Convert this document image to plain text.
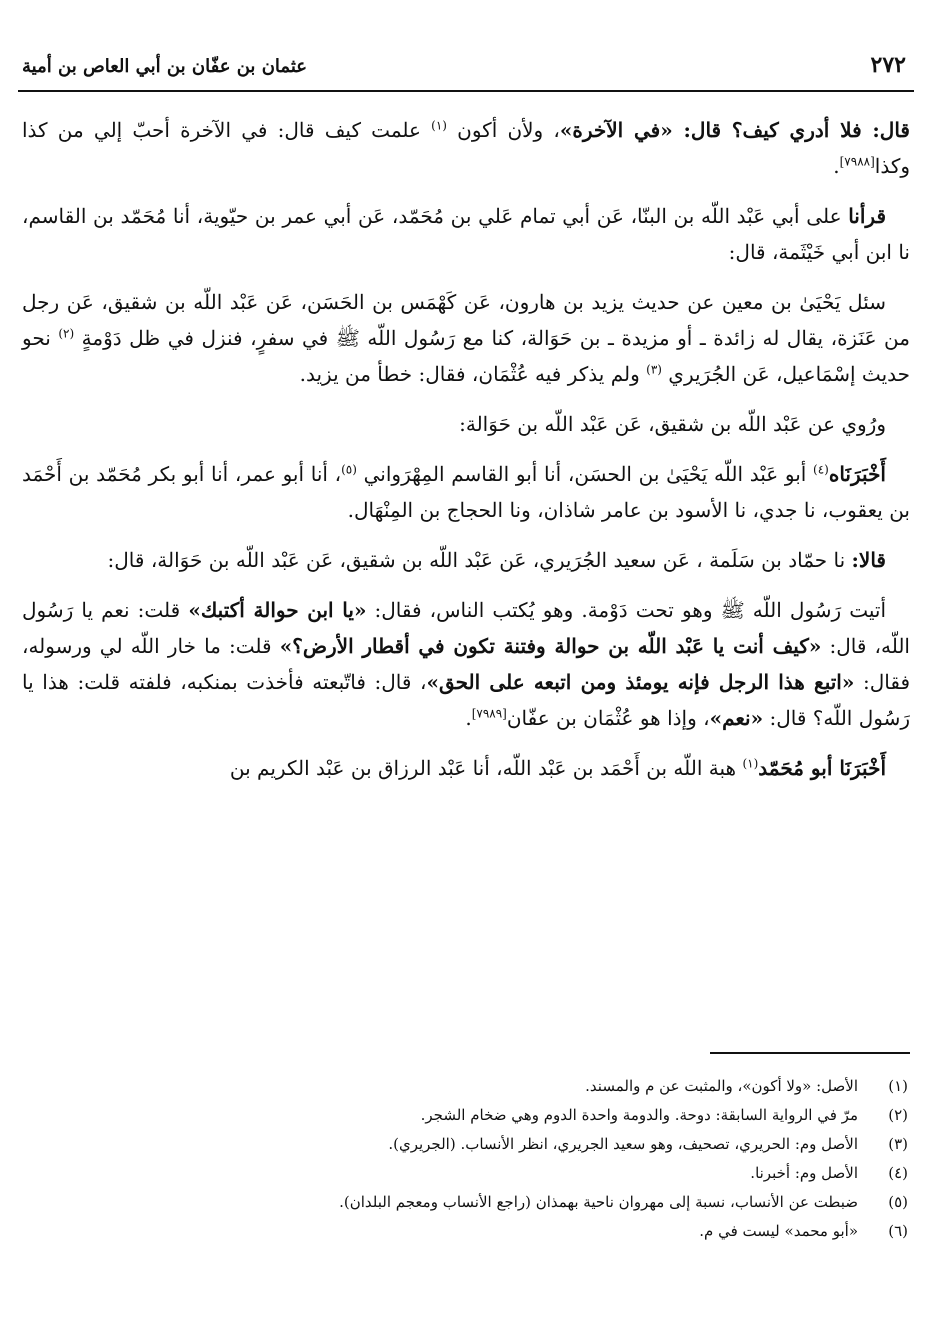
٢٧٢
عثمان بن عفّان بن أبي العاص بن أمية

قال: فلا أدري كيف؟ قال: «في الآخرة»، ولأن أكون $^{(١)}$ علمت كيف قال: في الآخرة أحبّ إلي من كذا وكذا[٧٩٨٨].

قرأنا على أبي عَبْد اللّه بن البنّا، عَن أبي تمام عَلي بن مُحَمّد، عَن أبي عمر بن حيّوية، أنا مُحَمّد بن القاسم، نا ابن أبي خَيْثَمة، قال:

سئل يَحْيَىٰ بن معين عن حديث يزيد بن هارون، عَن كَهْمَس بن الحَسَن، عَن عَبْد اللّه بن شقيق، عَن رجل من عَنَزة، يقال له زائدة ـ أو مزيدة ـ بن حَوَالة، كنا مع رَسُول اللّه ﷺ في سفرٍ، فنزل في ظل دَوْمةٍ $^{(٢)}$ نحو حديث إسْمَاعيل، عَن الجُرَيري $^{(٣)}$ ولم يذكر فيه عُثْمَان، فقال: خطأ من يزيد.

ورُوي عن عَبْد اللّه بن شقيق، عَن عَبْد اللّه بن حَوَالة:

أَخْبَرَنَاه$^{(٤)}$ أبو عَبْد اللّه يَحْيَىٰ بن الحسَن، أنا أبو القاسم المِهْرَواني $^{(٥)}$، أنا أبو عمر، أنا أبو بكر مُحَمّد بن أَحْمَد بن يعقوب، نا جدي، نا الأسود بن عامر شاذان، ونا الحجاج بن المِنْهَال.

قالا: نا حمّاد بن سَلَمة ، عَن سعيد الجُرَيري، عَن عَبْد اللّه بن شقيق، عَن عَبْد اللّه بن حَوَالة، قال:

أتيت رَسُول اللّه ﷺ وهو تحت دَوْمة. وهو يُكتب الناس، فقال: «يا ابن حوالة أكتبك» قلت: نعم يا رَسُول اللّه، قال: «كيف أنت يا عَبْد اللّه بن حوالة وفتنة تكون في أقطار الأرض؟» قلت: ما خار اللّه لي ورسوله، فقال: «اتبع هذا الرجل فإنه يومئذ ومن اتبعه على الحق»، قال: فاتّبعته فأخذت بمنكبه، فلفته قلت: هذا يا رَسُول اللّه؟ قال: «نعم»، وإذا هو عُثْمَان بن عفّان[٧٩٨٩].

أَخْبَرَنَا أبو مُحَمّد$^{(١)}$ هبة اللّه بن أَحْمَد بن عَبْد اللّه، أنا عَبْد الرزاق بن عَبْد الكريم بن

(١)
الأصل: «ولا أكون»، والمثبت عن م والمسند.
(٢)
مرّ في الرواية السابقة: دوحة. والدومة واحدة الدوم وهي ضخام الشجر.
(٣)
الأصل وم: الحريري، تصحيف، وهو سعيد الجريري، انظر الأنساب. (الجريري).
(٤)
الأصل وم: أخبرنا.
(٥)
ضبطت عن الأنساب، نسبة إلى مهروان ناحية بهمذان (راجع الأنساب ومعجم البلدان).
(٦)
«أبو محمد» ليست في م.
